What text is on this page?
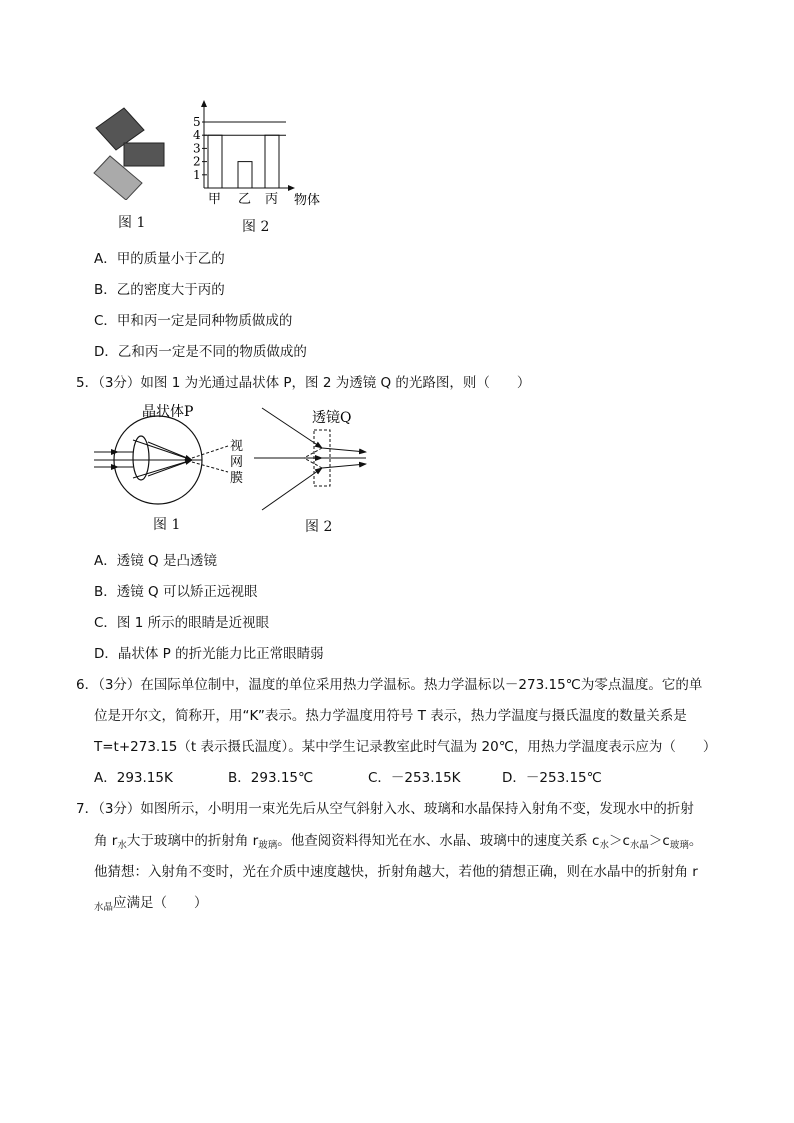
图 1
1
2
3
4
5
甲 乙 丙 物体
图 2
A．甲的质量小于乙的
B．乙的密度大于丙的
C．甲和丙一定是同种物质做成的
D．乙和丙一定是不同的物质做成的
5．（3分）如图 1 为光通过晶状体 P，图 2 为透镜 Q 的光路图，则（　　）
晶状体P
视
网
膜
图 1
透镜Q
图 2
A．透镜 Q 是凸透镜
B．透镜 Q 可以矫正远视眼
C．图 1 所示的眼睛是近视眼
D．晶状体 P 的折光能力比正常眼睛弱
6．（3分）在国际单位制中，温度的单位采用热力学温标。热力学温标以－273.15℃为零点温度。它的单
位是开尔文，简称开，用“K”表示。热力学温度用符号 T 表示，热力学温度与摄氏温度的数量关系是
T=t+273.15（t 表示摄氏温度）。某中学生记录教室此时气温为 20℃，用热力学温度表示应为（　　）
A．293.15K	B．293.15℃	C．－253.15K	D．－253.15℃
7．（3分）如图所示，小明用一束光先后从空气斜射入水、玻璃和水晶保持入射角不变，发现水中的折射
角 $r_水$大于玻璃中的折射角 $r_{玻璃}$。他查阅资料得知光在水、水晶、玻璃中的速度关系 $c_水>c_{水晶}>c_{玻璃}$。
他猜想：入射角不变时，光在介质中速度越快，折射角越大，若他的猜想正确，则在水晶中的折射角 r
$_{水晶}$应满足（　　）
